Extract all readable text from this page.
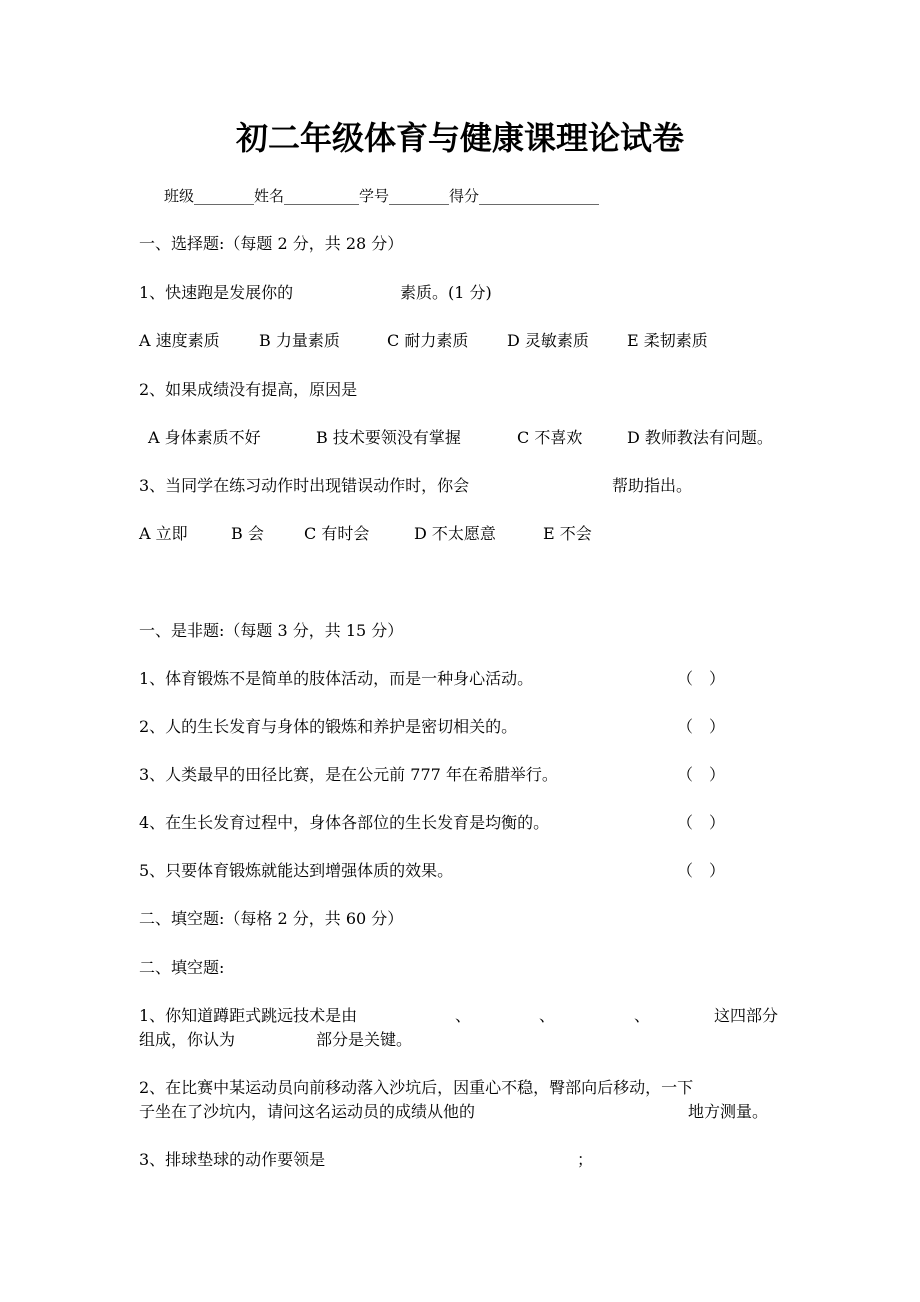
初二年级体育与健康课理论试卷
班级________姓名__________学号________得分________________
一、选择题:（每题 2 分，共 28 分）
1、快速跑是发展你的	素质。(1 分)
A 速度素质 B 力量素质	C 耐力素质 D 灵敏素质 E 柔韧素质
2、如果成绩没有提高，原因是
A 身体素质不好	B 技术要领没有掌握	C 不喜欢	D 教师教法有问题。
3、当同学在练习动作时出现错误动作时，你会	帮助指出。
A 立即	B 会	C 有时会	D 不太愿意	E 不会
一、是非题:（每题 3 分，共 15 分）
1、体育锻炼不是简单的肢体活动，而是一种身心活动。	（　）
2、人的生长发育与身体的锻炼和养护是密切相关的。	（　）
3、人类最早的田径比赛，是在公元前 777 年在希腊举行。	（　）
4、在生长发育过程中，身体各部位的生长发育是均衡的。	（　）
5、只要体育锻炼就能达到增强体质的效果。	（　）
二、填空题:（每格 2 分，共 60 分）
二、填空题:
1、你知道蹲距式跳远技术是由	、	、	、	这四部分
组成，你认为	部分是关键。
2、在比赛中某运动员向前移动落入沙坑后，因重心不稳，臀部向后移动，一下
子坐在了沙坑内，请问这名运动员的成绩从他的	地方测量。
3、排球垫球的动作要领是	；
